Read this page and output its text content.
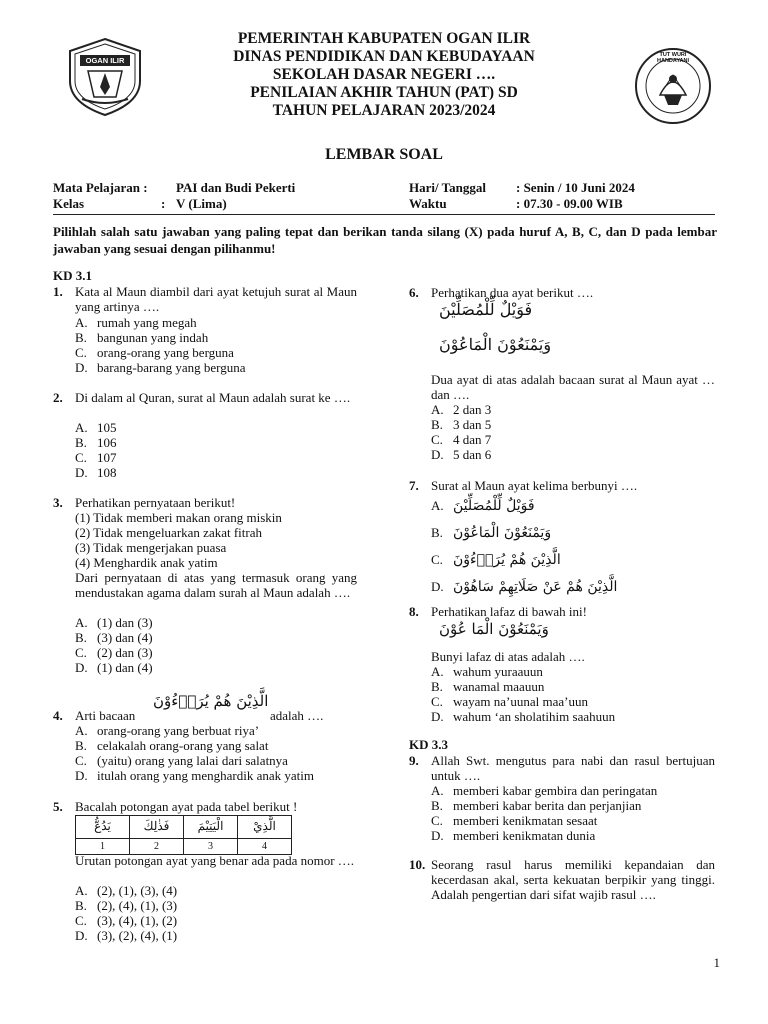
OGAN ILIR
TUT WURI HANDAYANI
PEMERINTAH KABUPATEN OGAN ILIR
DINAS PENDIDIKAN DAN KEBUDAYAAN
SEKOLAH DASAR NEGERI ….
PENILAIAN AKHIR TAHUN (PAT) SD
TAHUN PELAJARAN 2023/2024
LEMBAR SOAL
Mata Pelajaran : PAI dan Budi Pekerti
Kelas	: V (Lima)
Hari/ Tanggal : Senin / 10 Juni 2024
Waktu	: 07.30 - 09.00 WIB
Pilihlah salah satu jawaban yang paling tepat dan berikan tanda silang (X) pada huruf A, B, C, dan D pada lembar jawaban yang sesuai dengan pilihanmu!
KD 3.1
KD 3.3
1. Kata al Maun diambil dari ayat ketujuh surat al Maun yang artinya ….
A. rumah yang megah
B. bangunan yang indah
C. orang-orang yang berguna
D. barang-barang yang berguna
2. Di dalam al Quran, surat al Maun adalah surat ke ….
A. 105
B. 106
C. 107
D. 108
3. Perhatikan pernyataan berikut!
(1) Tidak memberi makan orang miskin
(2) Tidak mengeluarkan zakat fitrah
(3) Tidak mengerjakan puasa
(4) Menghardik anak yatim
Dari pernyataan di atas yang termasuk orang yang mendustakan agama dalam surah al Maun adalah ….
A. (1) dan (3)
B. (3) dan (4)
C. (2) dan (3)
D. (1) dan (4)
4. Arti bacaan
الَّذِيْنَ هُمْ يُرَاۤءُوْنَ
adalah ….
A. orang-orang yang berbuat riya’
B. celakalah orang-orang yang salat
C. (yaitu) orang yang lalai dari salatnya
D. itulah orang yang menghardik anak yatim
5. Bacalah potongan ayat pada tabel berikut !
يَدُعُّ	فَذٰلِكَ	الْيَتِيْمَ	الَّذِيْ
1	2	3	4
Urutan potongan ayat yang benar ada pada nomor ….
A. (2), (1), (3), (4)
B. (2), (4), (1), (3)
C. (3), (4), (1), (2)
D. (3), (2), (4), (1)
6. Perhatikan dua ayat berikut ….
فَوَيْلٌ لِّلْمُصَلِّيْنَ
وَيَمْنَعُوْنَ الْمَاعُوْنَ
Dua ayat di atas adalah bacaan surat al Maun ayat … dan ….
A. 2 dan 3
B. 3 dan 5
C. 4 dan 7
D. 5 dan 6
7. Surat al Maun ayat kelima berbunyi ….
A. فَوَيْلٌ لِّلْمُصَلِّيْنَ
B. وَيَمْنَعُوْنَ الْمَاعُوْنَ
C. الَّذِيْنَ هُمْ يُرَاۤءُوْنَ
D. الَّذِيْنَ هُمْ عَنْ صَلَاتِهِمْ سَاهُوْنَ
8. Perhatikan lafaz di bawah ini!
وَيَمْنَعُوْنَ الْمَا عُوْنَ
Bunyi lafaz di atas adalah ….
A. wahum yuraauun
B. wanamal maauun
C. wayam na’uunal maa’uun
D. wahum ‘an sholatihim saahuun
9. Allah Swt. mengutus para nabi dan rasul bertujuan untuk ….
A. memberi kabar gembira dan peringatan
B. memberi kabar berita dan perjanjian
C. memberi kenikmatan sesaat
D. memberi kenikmatan dunia
10. Seorang rasul harus memiliki kepandaian dan kecerdasan akal, serta kekuatan berpikir yang tinggi. Adalah pengertian dari sifat wajib rasul ….
1
